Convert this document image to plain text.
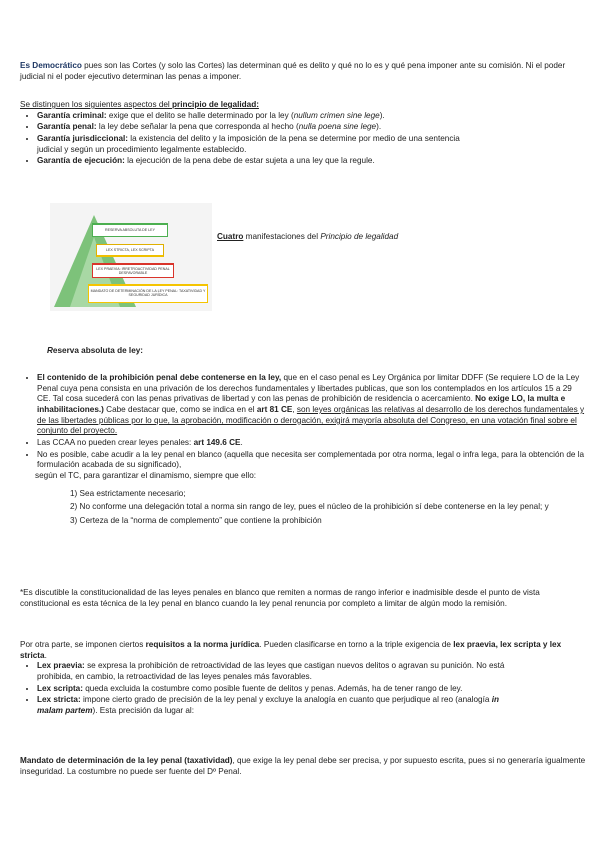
Es Democrático pues son las Cortes (y solo las Cortes) las determinan qué es delito y qué no lo es y qué pena imponer ante su comisión. Ni el poder judicial ni el poder ejecutivo determinan las penas a imponer.

Se distinguen los siguientes aspectos del principio de legalidad:

• Garantía criminal: exige que el delito se halle determinado por la ley (nullum crimen sine lege).
• Garantía penal: la ley debe señalar la pena que corresponda al hecho (nulla poena sine lege).
• Garantía jurisdiccional: la existencia del delito y la imposición de la pena se determine por medio de una sentencia judicial y según un procedimiento legalmente establecido.
• Garantía de ejecución: la ejecución de la pena debe de estar sujeta a una ley que la regule.
RESERVA ABSOLUTA DE LEY
LEX STRICTA, LEX SCRIPTA
LEX PRAEVIA: IRRETROACTIVIDAD PENAL DESFAVORABLE
MANDATO DE DETERMINACIÓN DE LA LEY PENAL: TAXATIVIDAD Y SEGURIDAD JURÍDICA
Cuatro manifestaciones del Principio de legalidad

Reserva absoluta de ley:

• El contenido de la prohibición penal debe contenerse en la ley, que en el caso penal es Ley Orgánica por limitar DDFF (Se requiere LO de la Ley Penal cuya pena consista en una privación de los derechos fundamentales y libertades publicas, que son los contemplados en los artículos 15 a 29 CE. Tal cosa sucederá con las penas privativas de libertad y con las penas de prohibición de residencia o acercamiento. No exige LO, la multa e inhabilitaciones.) Cabe destacar que, como se indica en el art 81 CE, son leyes orgánicas las relativas al desarrollo de los derechos fundamentales y de las libertades públicas por lo que, la aprobación, modificación o derogación, exigirá mayoría absoluta del Congreso, en una votación final sobre el conjunto del proyecto.
• Las CCAA no pueden crear leyes penales: art 149.6 CE.
• No es posible, cabe acudir a la ley penal en blanco (aquella que necesita ser complementada por otra norma, legal o infra lega, para la obtención de la formulación acabada de su significado),
según el TC, para garantizar el dinamismo, siempre que ello:

1) Sea estrictamente necesario;

2) No conforme una delegación total a norma sin rango de ley, pues el núcleo de la prohibición sí debe contenerse en la ley penal; y

3) Certeza de la “norma de complemento” que contiene la prohibición

*Es discutible la constitucionalidad de las leyes penales en blanco que remiten a normas de rango inferior e inadmisible desde el punto de vista constitucional es esta técnica de la ley penal en blanco cuando la ley penal renuncia por completo a limitar de algún modo la remisión.

Por otra parte, se imponen ciertos requisitos a la norma jurídica. Pueden clasificarse en torno a la triple exigencia de lex praevia, lex scripta y lex stricta.

• Lex praevia: se expresa la prohibición de retroactividad de las leyes que castigan nuevos delitos o agravan su punición. No está prohibida, en cambio, la retroactividad de las leyes penales más favorables.
• Lex scripta: queda excluida la costumbre como posible fuente de delitos y penas. Además, ha de tener rango de ley.
• Lex stricta: impone cierto grado de precisión de la ley penal y excluye la analogía en cuanto que perjudique al reo (analogía in malam partem). Esta precisión da lugar al:

Mandato de determinación de la ley penal (taxatividad), que exige la ley penal debe ser precisa, y por supuesto escrita, pues si no generaría igualmente inseguridad. La costumbre no puede ser fuente del Dº Penal.
